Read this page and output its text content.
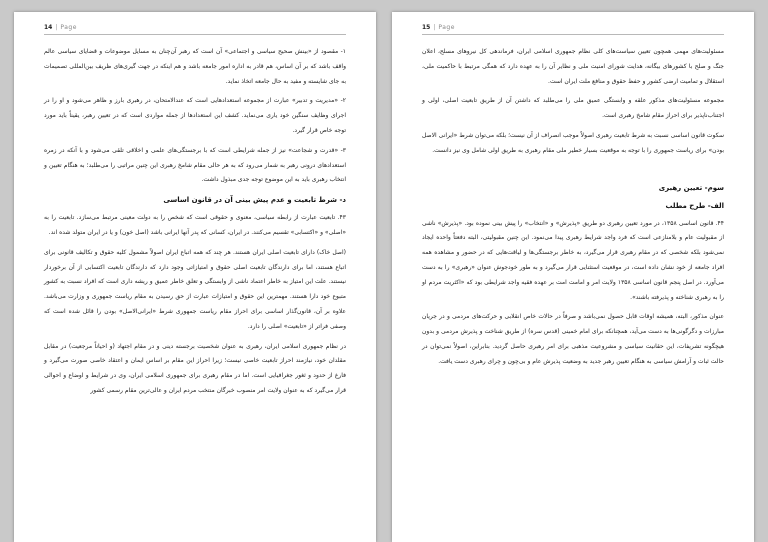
14 | Page

۱- مقصود از «بینش صحیح سیاسی و اجتماعی» آن است که رهبر آن‌چنان به مسایل موضوعات و قضایای سیاسی عالم واقف باشد که بر آن اساس، هم قادر به اداره امور جامعه باشد و هم اینکه در جهت گیری‌های ظریف بین‌المللی تصمیمات به جای شایسته و مفید به حال جامعه اتخاذ نماید.

۲- «مدیریت و تدبیر» عبارت از مجموعه استعدادهایی است که عندالامتحان، در رهبری بارز و ظاهر می‌شود و او را در اجرای وظایف سنگین خود یاری می‌نماید. کشف این استعدادها از جمله مواردی است که در تعیین رهبر، یقیناً باید مورد توجه خاص قرار گیرد.

۳- «قدرت و شجاعت» نیز از جمله شرایطی است که با برجستگی‌های علمی و اخلاقی تلقی می‌شود و با آنکه در زمره استعدادهای درونی رهبر به شمار می‌رود که به هر حالی مقام شامخ رهبری این چنین مراتبی را می‌طلبد؛ به هنگام تعیین و انتخاب رهبری باید به این موضوع توجه جدی مبذول داشت.

د- شرط تابعیت و عدم پیش بینی آن در قانون اساسی

۴۳. تابعیت عبارت از رابطه سیاسی، معنوی و حقوقی است که شخص را به دولت معینی مرتبط می‌سازد. تابعیت را به «اصلی» و «اکتسابی» تقسیم می‌کنند. در ایران، کسانی که پدر آنها ایرانی باشد (اصل خون) و یا در ایران متولد شده اند.

(اصل خاک) دارای تابعیت اصلی ایران هستند. هر چند که همه اتباع ایران اصولاً مشمول کلیه حقوق و تکالیف قانونی برای اتباع هستند، اما برای دارندگان تابعیت اصلی حقوق و امتیازاتی وجود دارد که دارندگان تابعیت اکتسابی از آن برخوردار نیستند. علت این امتیاز به خاطر اعتماد ناشی از وابستگی و تعلق خاطر عمیق و ریشه داری است که افراد نسبت به کشور متبوع خود دارا هستند. مهمترین این حقوق و امتیازات عبارت از حق رسیدن به مقام ریاست جمهوری و وزارت می‌باشد. علاوه بر آن، قانون‌گذار اساسی برای احراز مقام ریاست جمهوری شرط «ایرانی‌الاصل» بودن را قائل شده است که وصفی فراتر از «تابعیت» اصلی را دارد.

در نظام جمهوری اسلامی ایران، رهبری به عنوان شخصیت برجسته دینی و در مقام اجتهاد (و احیاناً مرجعیت) در مقابل مقلدان خود، نیازمند احراز تابعیت خاصی نیست؛ زیرا احراز این مقام بر اساس ایمان و اعتقاد خاصی صورت می‌گیرد و فارغ از حدود و ثغور جغرافیایی است. اما در مقام رهبری برای جمهوری اسلامی ایران، وی در شرایط و اوضاع و احوالی قرار می‌گیرد که به عنوان ولایت امر منصوب خبرگان منتخب مردم ایران و عالی‌ترین مقام رسمی کشور

15 | Page

مسئولیت‌های مهمی همچون تعیین سیاست‌های کلی نظام جمهوری اسلامی ایران، فرماندهی کل نیروهای مسلح، اعلان جنگ و صلح با کشورهای بیگانه، هدایت شورای امنیت ملی و نظایر آن را به عهده دارد که همگی مرتبط با حاکمیت ملی، استقلال و تمامیت ارضی کشور و حفظ حقوق و منافع ملت ایران است.

مجموعه مسئولیت‌های مذکور علقه و وابستگی عمیق ملی را می‌طلبد که داشتن آن از طریق تابعیت اصلی، اولی و اجتناب‌ناپذیر برای احراز مقام شامخ رهبری است.

سکوت قانون اساسی نسبت به شرط تابعیت رهبری اصولاً موجب انصراف از آن نیست؛ بلکه می‌توان شرط «ایرانی الاصل بودن» برای ریاست جمهوری را با توجه به موقعیت بسیار خطیر ملی مقام رهبری به طریق اولی شامل وی نیز دانست.

سوم- تعیین رهبری
الف- طرح مطلب

۴۴. قانون اساسی ۱۳۵۸، در مورد تعیین رهبری دو طریق «پذیرش» و «انتخاب» را پیش بینی نموده بود. «پذیرش» ناشی از مقبولیت عام و بلامنازعی است که فرد واجد شرایط رهبری پیدا می‌نمود. این چنین مقبولیتی، البته دفعتاً واحده ایجاد نمی‌شود بلکه شخصی که در مقام رهبری قرار می‌گیرد، به خاطر برجستگی‌ها و لیاقت‌هایی که در حضور و مشاهده همه افراد جامعه از خود نشان داده است، در موقعیت استثنایی قرار می‌گیرد و به طور خودجوش عنوان «رهبری» را به دست می‌آورد. در اصل پنجم قانون اساسی ۱۳۵۸ ولایت امر و امامت امت بر عهده فقیه واجد شرایطی بود که «اکثریت مردم او را به رهبری شناخته و پذیرفته باشند».

عنوان مذکور، البته، همیشه اوقات قابل حصول نمی‌باشد و صرفاً در حالات خاص انقلابی و حرکت‌های مردمی و در جریان مبارزات و دگرگونی‌ها به دست می‌آید، همچنانکه برای امام خمینی (قدس سره) از طریق شناخت و پذیرش مردمی و بدون هیچگونه تشریفات، این حقانیت سیاسی و مشروعیت مذهبی برای امر رهبری حاصل گردید. بنابراین، اصولاً نمی‌توان در حالت ثبات و آرامش سیاسی به هنگام تعیین رهبر جدید به وضعیت پذیرش عام و بی‌چون و چرای رهبری دست یافت.
